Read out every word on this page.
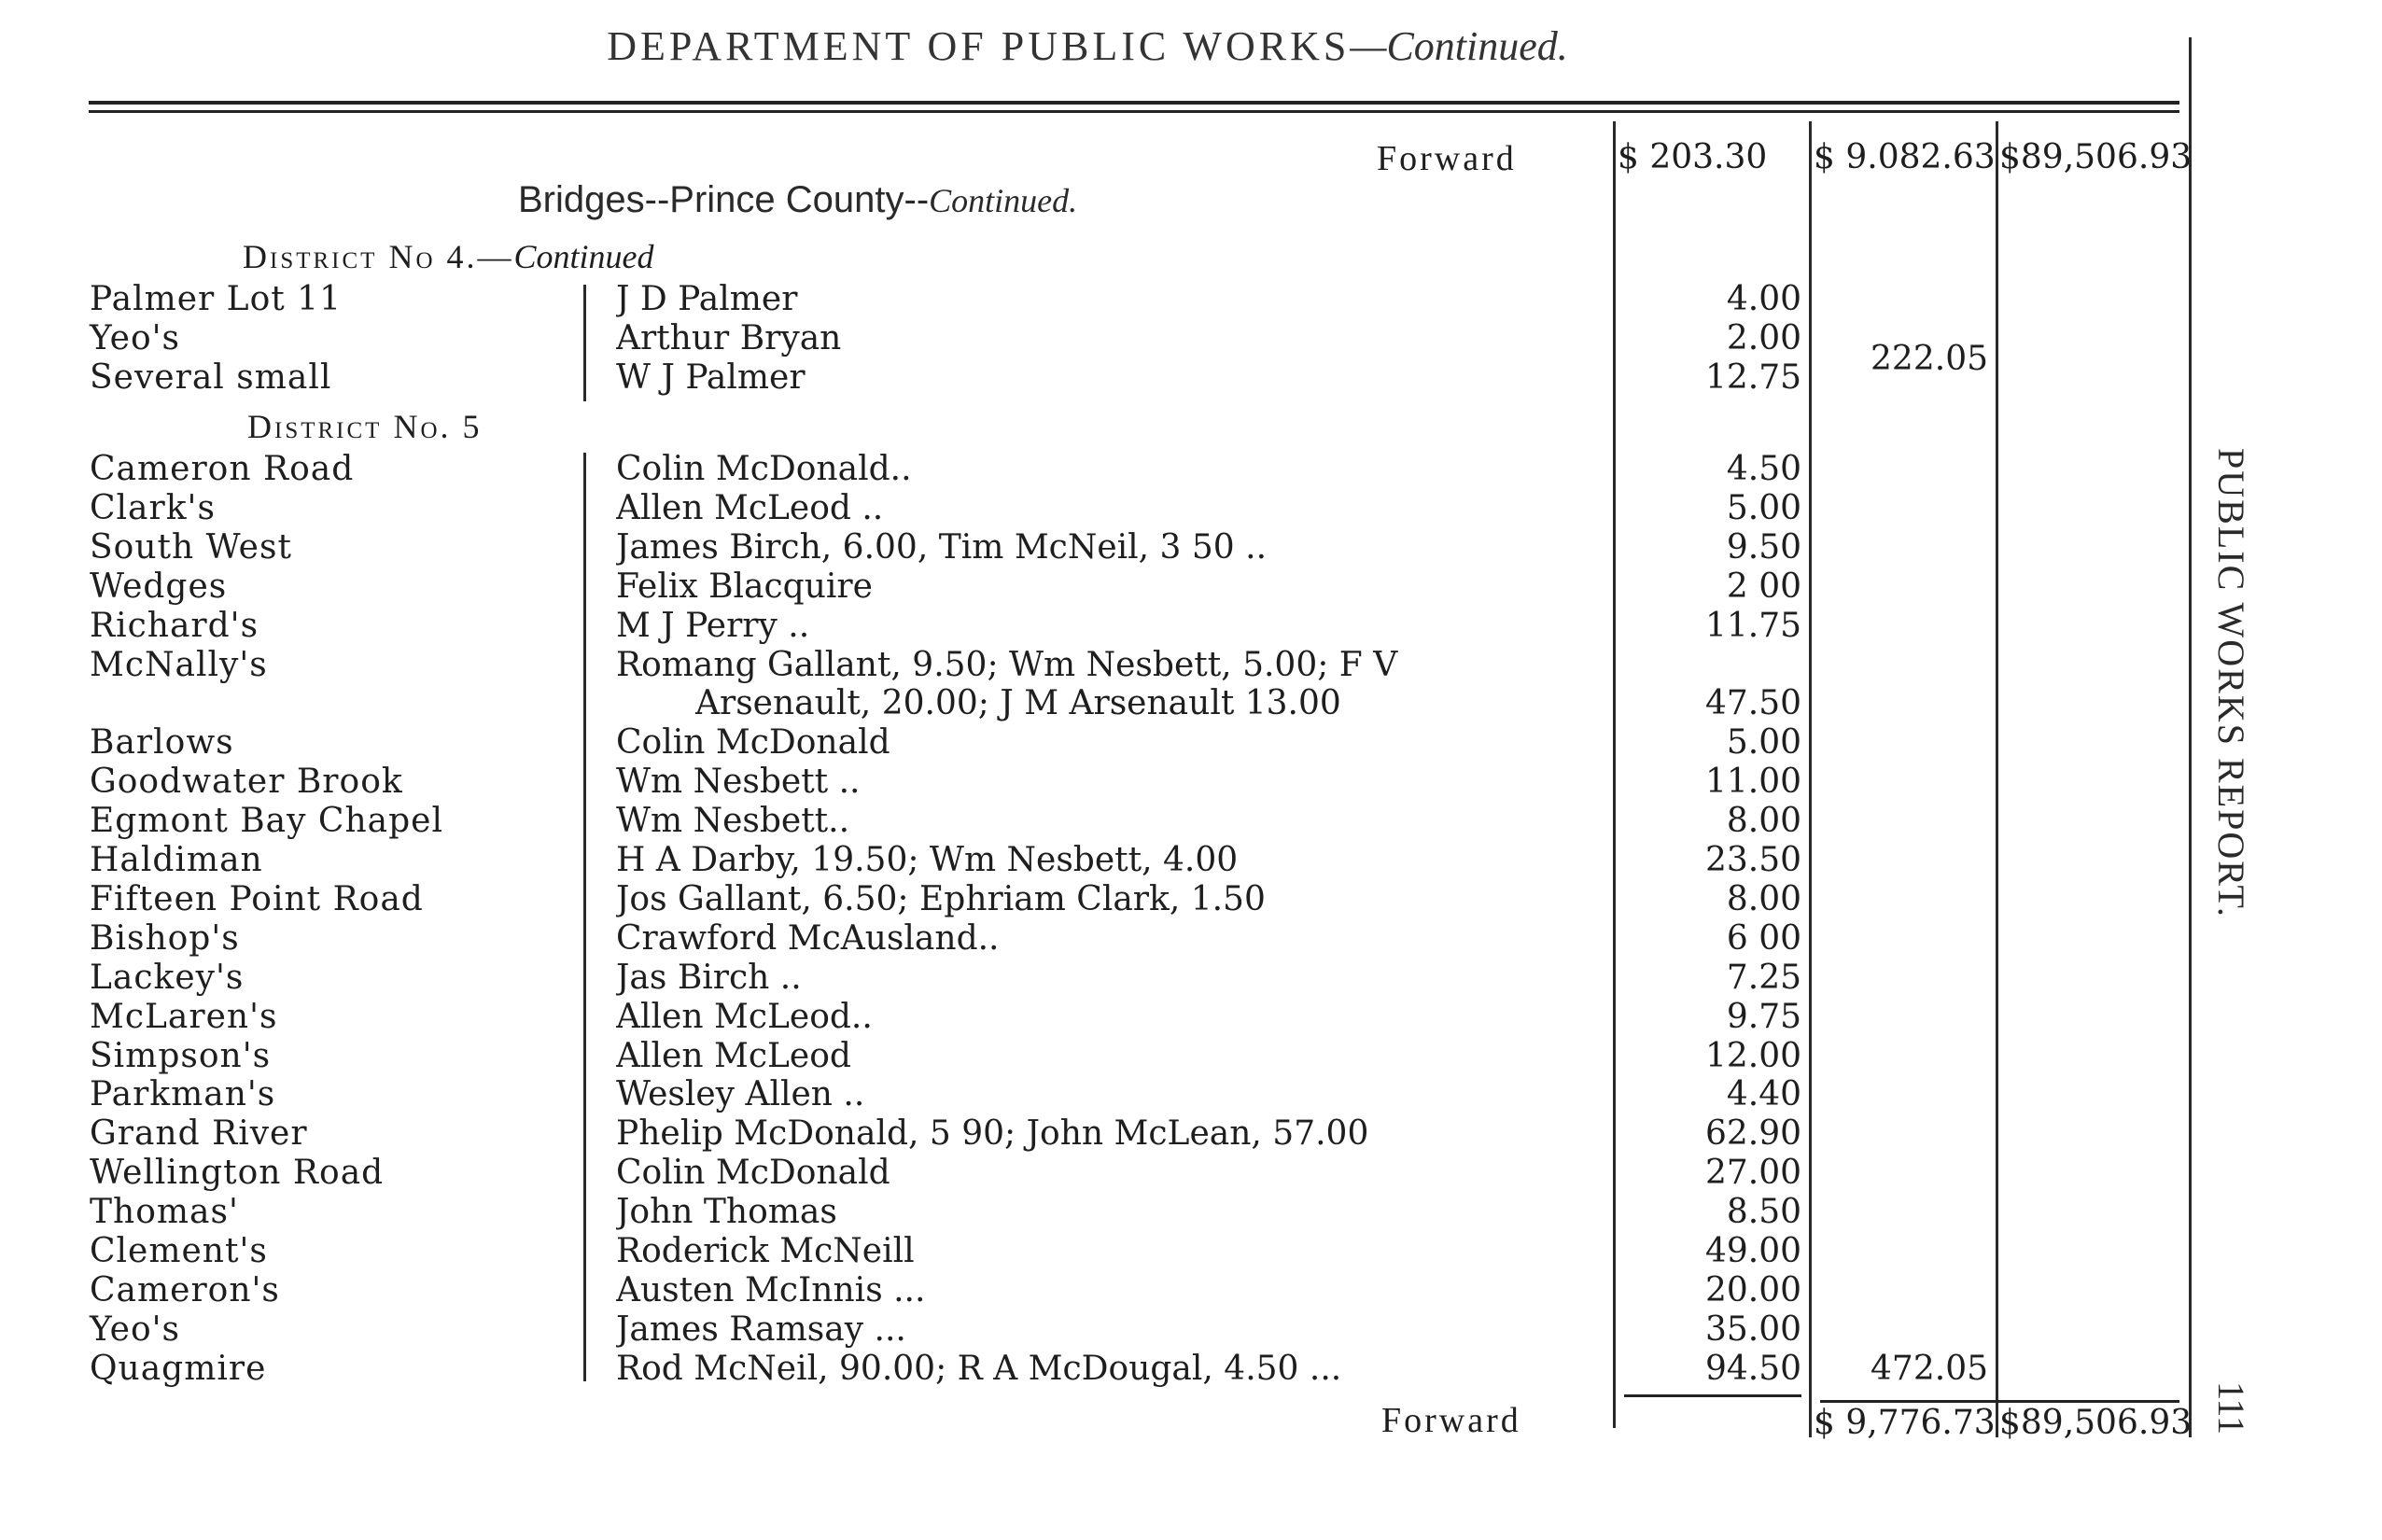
DEPARTMENT OF PUBLIC WORKS—Continued.
Forward	$ 203.30 $ 9.082.63 $89,506.93
Bridges--Prince County--Continued.
District No 4.—Continued
Palmer Lot 11	J D Palmer	4.00
Yeo's	Arthur Bryan	2.00
Several small	W J Palmer	12.75	222.05
District No. 5
Cameron Road	Colin McDonald..	4.50
Clark's	Allen McLeod ..	5.00
South West	James Birch, 6.00, Tim McNeil, 3 50 ..	9.50
Wedges	Felix Blacquire	2 00
Richard's	M J Perry ..	11.75
McNally's	Romang Gallant, 9.50; Wm Nesbett, 5.00; F V
Arsenault, 20.00; J M Arsenault 13.00	47.50
Barlows	Colin McDonald	5.00
Goodwater Brook	Wm Nesbett ..	11.00
Egmont Bay Chapel	Wm Nesbett..	8.00
Haldiman	H A Darby, 19.50; Wm Nesbett, 4.00	23.50
Fifteen Point Road	Jos Gallant, 6.50; Ephriam Clark, 1.50	8.00
Bishop's	Crawford McAusland..	6 00
Lackey's	Jas Birch ..	7.25
McLaren's	Allen McLeod..	9.75
Simpson's	Allen McLeod	12.00
Parkman's	Wesley Allen ..	4.40
Grand River	Phelip McDonald, 5 90; John McLean, 57.00	62.90
Wellington Road	Colin McDonald	27.00
Thomas'	John Thomas	8.50
Clement's	Roderick McNeill	49.00
Cameron's	Austen McInnis ...	20.00
Yeo's	James Ramsay ...	35.00
Quagmire	Rod McNeil, 90.00; R A McDougal, 4.50 ...	94.50	472.05
Forward	$ 9,776.73 $89,506.93
PUBLIC WORKS REPORT.
111
